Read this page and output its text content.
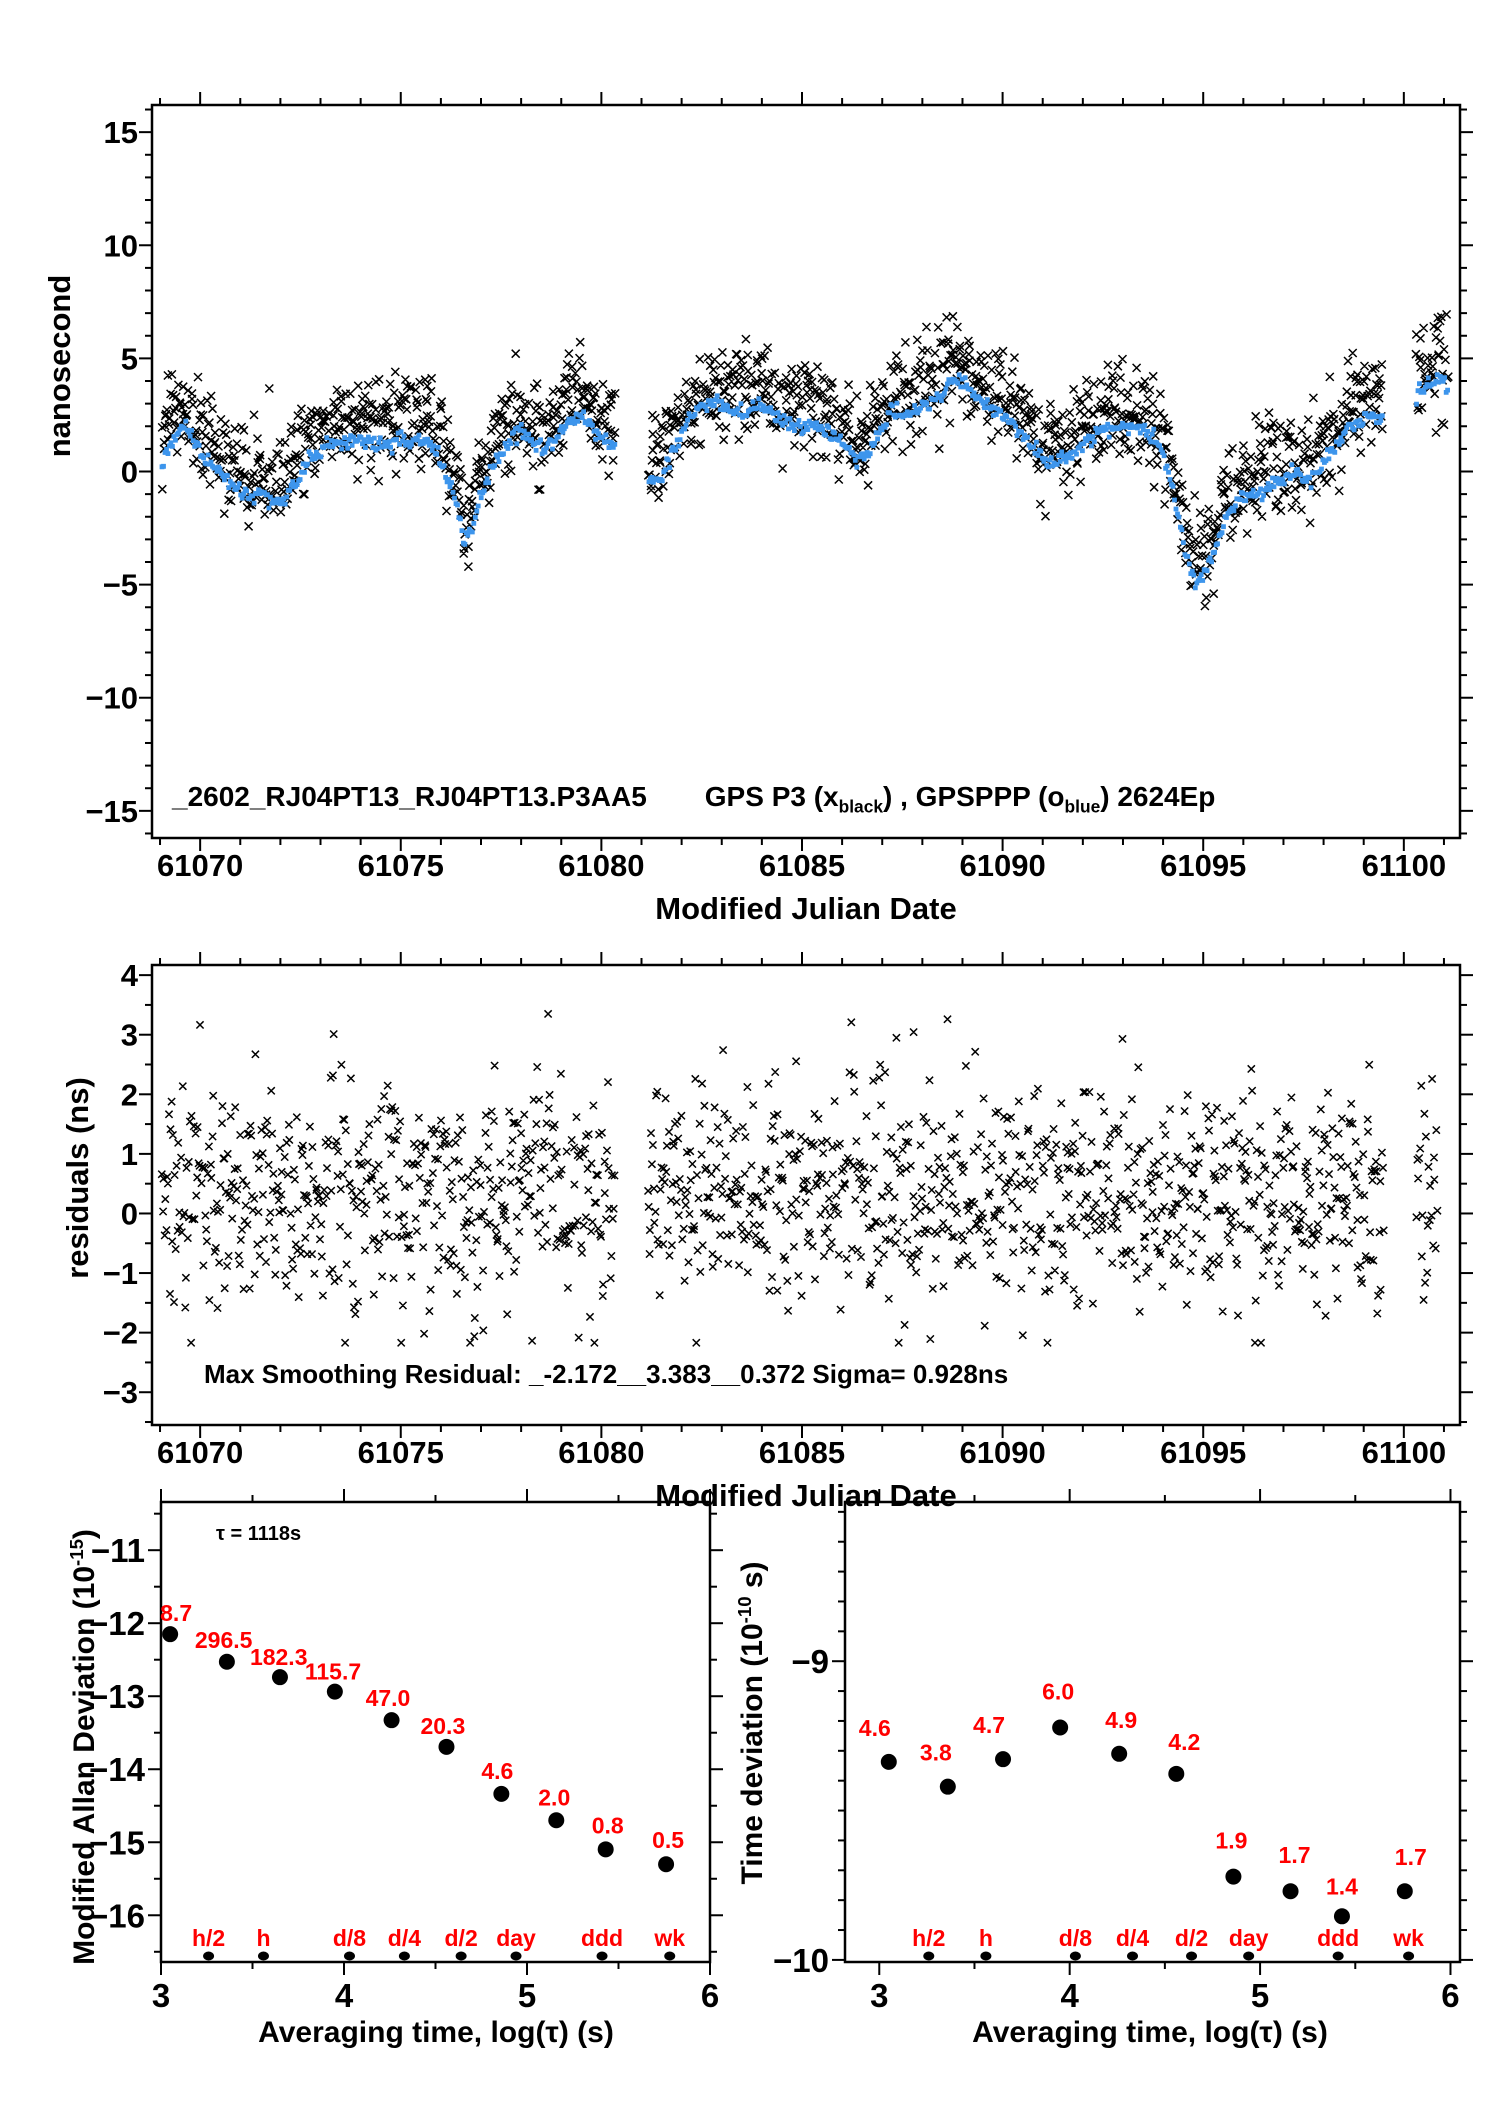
61070	61075	61080	61085	61090	61095	61100
15
10
5
0
−5
−10
−15
61070	61075	61080	61085	61090	61095	61100
4
3
2
1
0
−1
−2
−3
3	4	5	6
−11
−12
−13
−14
−15
−16
8.7
296.5
182.3
115.7
47.0
20.3
4.6
2.0
0.8
0.5
h/2 h	d/8 d/4 d/2 day ddd wk
3	4	5	6
−9
−10
4.6
3.8
4.7
6.0
4.9
4.2
1.9
1.7
1.4
1.7
h/2 h	d/8 d/4 d/2 day ddd wk
nanosecond
_2602_RJ04PT13_RJ04PT13.P3AA5 GPS P3 $(x_{black})$ , GPSPPP $(o_{blue})$ 2624Ep
Modified Julian Date
residuals (ns)
Max Smoothing Residual: _-2.172__3.383__0.372 Sigma= 0.928ns
Modified Julian Date
Modified Allan Deviation $(10^{-15})$	τ = 1118s
Averaging time, log(τ) (s)
Time deviation ($10^{-10}$ s)
Averaging time, log(τ) (s)
